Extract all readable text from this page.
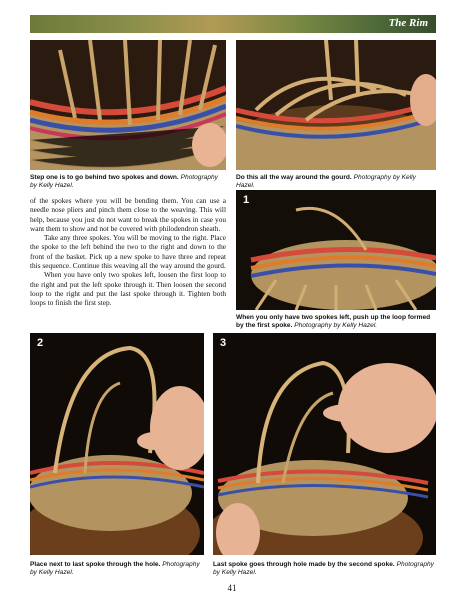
The Rim
Step one is to go behind two spokes and down. Photography by Kelly Hazel.
Do this all the way around the gourd. Photography by Kelly Hazel.

of the spokes where you will be bending them. You can use a needle nose pliers and pinch them close to the weaving. This will help, because you just do not want to break the spokes in case you want them to show and not be covered with philodendron sheath.

Take any three spokes. You will be moving to the right. Place the spoke to the left behind the two to the right and down to the front of the basket. Pick up a new spoke to have three and repeat this sequence. Continue this weaving all the way around the gourd.

When you have only two spokes left, loosen the first loop to the right and put the left spoke through it. Then loosen the second loop to the right and put the last spoke through it. Tighten both loops to finish the first step.

1
When you only have two spokes left, push up the loop formed by the first spoke. Photography by Kelly Hazel.
2
Place next to last spoke through the hole. Photography by Kelly Hazel.
3
Last spoke goes through hole made by the second spoke. Photography by Kelly Hazel.
41
